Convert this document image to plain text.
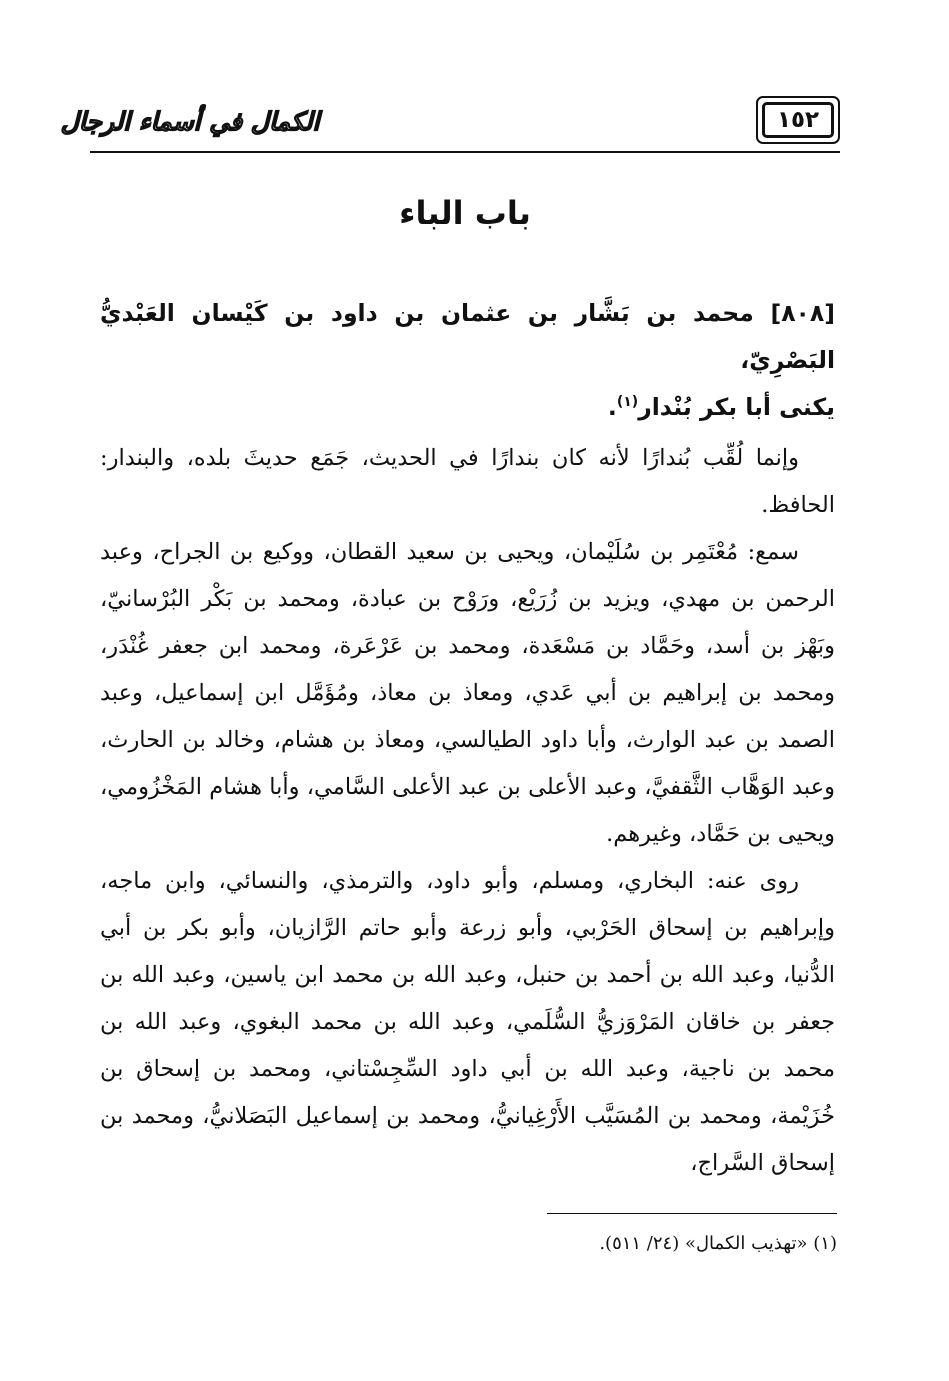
الكمال في أسماء الرجال	١٥٢
باب الباء
[٨٠٨] محمد بن بَشَّار بن عثمان بن داود بن كَيْسان العَبْديُّ البَصْرِيّ،
يكنى أبا بكر بُنْدار$^{(١)}$.

وإنما لُقِّب بُندارًا لأنه كان بندارًا في الحديث، جَمَع حديثَ بلده، والبندار: الحافظ.

سمع: مُعْتَمِر بن سُلَيْمان، ويحيى بن سعيد القطان، ووكيع بن الجراح، وعبد الرحمن بن مهدي، ويزيد بن زُرَيْع، ورَوْح بن عبادة، ومحمد بن بَكْر البُرْسانيّ، وبَهْز بن أسد، وحَمَّاد بن مَسْعَدة، ومحمد بن عَرْعَرة، ومحمد ابن جعفر غُنْدَر، ومحمد بن إبراهيم بن أبي عَدي، ومعاذ بن معاذ، ومُؤَمَّل ابن إسماعيل، وعبد الصمد بن عبد الوارث، وأبا داود الطيالسي، ومعاذ بن هشام، وخالد بن الحارث، وعبد الوَهَّاب الثَّقفيَّ، وعبد الأعلى بن عبد الأعلى السَّامي، وأبا هشام المَخْزُومي، ويحيى بن حَمَّاد، وغيرهم.

روى عنه: البخاري، ومسلم، وأبو داود، والترمذي، والنسائي، وابن ماجه، وإبراهيم بن إسحاق الحَرْبي، وأبو زرعة وأبو حاتم الرَّازيان، وأبو بكر بن أبي الدُّنيا، وعبد الله بن أحمد بن حنبل، وعبد الله بن محمد ابن ياسين، وعبد الله بن جعفر بن خاقان المَرْوَزيُّ السُّلَمي، وعبد الله بن محمد البغوي، وعبد الله بن محمد بن ناجية، وعبد الله بن أبي داود السِّجِسْتاني، ومحمد بن إسحاق بن خُزَيْمة، ومحمد بن المُسَيَّب الأَرْغِيانيُّ، ومحمد بن إسماعيل البَصَلانيُّ، ومحمد بن إسحاق السَّراج،

(١) «تهذيب الكمال» (٢٤/ ٥١١).
